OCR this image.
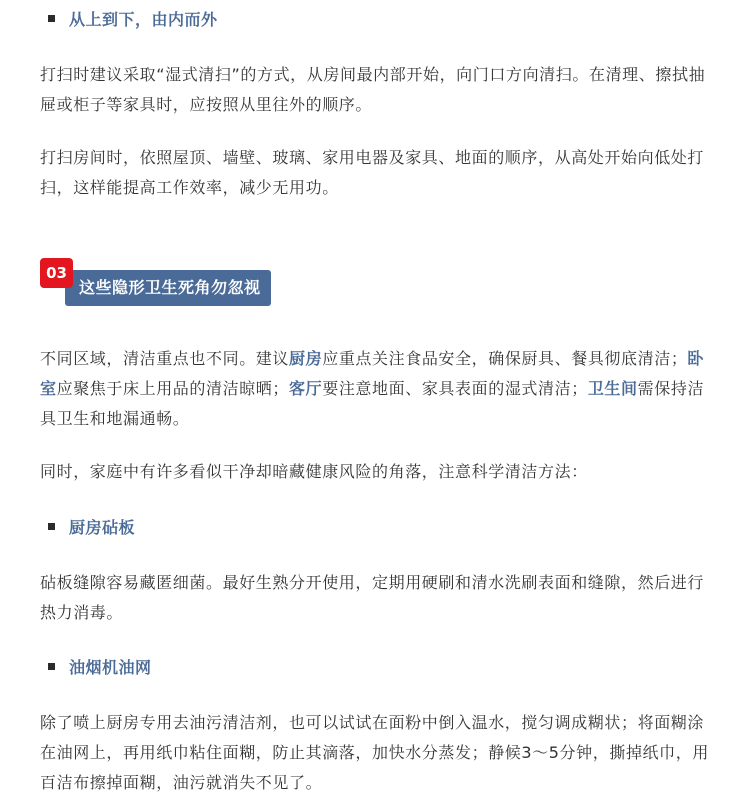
从上到下，由内而外
打扫时建议采取“湿式清扫”的方式，从房间最内部开始，向门口方向清扫。在清理、擦拭抽屉或柜子等家具时，应按照从里往外的顺序。
打扫房间时，依照屋顶、墙壁、玻璃、家用电器及家具、地面的顺序，从高处开始向低处打扫，这样能提高工作效率，减少无用功。
这些隐形卫生死角勿忽视
03
不同区域，清洁重点也不同。建议厨房应重点关注食品安全，确保厨具、餐具彻底清洁；卧室应聚焦于床上用品的清洁晾晒；客厅要注意地面、家具表面的湿式清洁；卫生间需保持洁具卫生和地漏通畅。
同时，家庭中有许多看似干净却暗藏健康风险的角落，注意科学清洁方法：
厨房砧板
砧板缝隙容易藏匿细菌。最好生熟分开使用，定期用硬刷和清水洗刷表面和缝隙，然后进行热力消毒。
油烟机油网
除了喷上厨房专用去油污清洁剂，也可以试试在面粉中倒入温水，搅匀调成糊状；将面糊涂在油网上，再用纸巾粘住面糊，防止其滴落，加快水分蒸发；静候3～5分钟，撕掉纸巾，用百洁布擦掉面糊，油污就消失不见了。
